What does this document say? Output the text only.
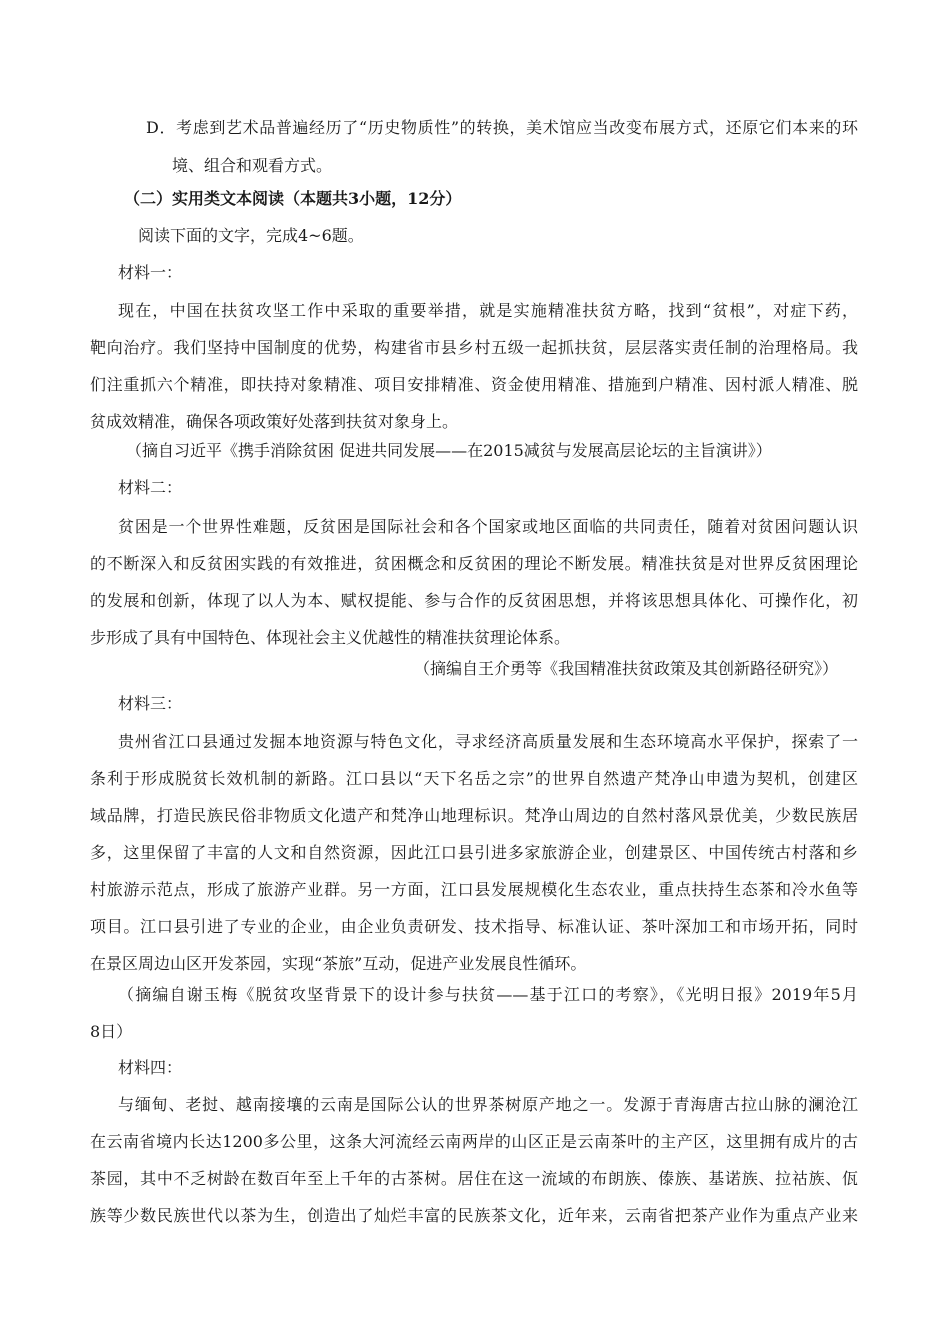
D．考虑到艺术品普遍经历了“历史物质性”的转换，美术馆应当改变布展方式，还原它们本来的环
境、组合和观看方式。
（二）实用类文本阅读（本题共3小题，12分）
阅读下面的文字，完成4~6题。
材料一：
现在，中国在扶贫攻坚工作中采取的重要举措，就是实施精准扶贫方略，找到“贫根”，对症下药，
靶向治疗。我们坚持中国制度的优势，构建省市县乡村五级一起抓扶贫，层层落实责任制的治理格局。我
们注重抓六个精准，即扶持对象精准、项目安排精准、资金使用精准、措施到户精准、因村派人精准、脱
贫成效精准，确保各项政策好处落到扶贫对象身上。
（摘自习近平《携手消除贫困 促进共同发展——在2015减贫与发展高层论坛的主旨演讲》）
材料二：
贫困是一个世界性难题，反贫困是国际社会和各个国家或地区面临的共同责任，随着对贫困问题认识
的不断深入和反贫困实践的有效推进，贫困概念和反贫困的理论不断发展。精准扶贫是对世界反贫困理论
的发展和创新，体现了以人为本、赋权提能、参与合作的反贫困思想，并将该思想具体化、可操作化，初
步形成了具有中国特色、体现社会主义优越性的精准扶贫理论体系。
（摘编自王介勇等《我国精准扶贫政策及其创新路径研究》）
材料三：
贵州省江口县通过发掘本地资源与特色文化，寻求经济高质量发展和生态环境高水平保护，探索了一
条利于形成脱贫长效机制的新路。江口县以“天下名岳之宗”的世界自然遗产梵净山申遗为契机，创建区
域品牌，打造民族民俗非物质文化遗产和梵净山地理标识。梵净山周边的自然村落风景优美，少数民族居
多，这里保留了丰富的人文和自然资源，因此江口县引进多家旅游企业，创建景区、中国传统古村落和乡
村旅游示范点，形成了旅游产业群。另一方面，江口县发展规模化生态农业，重点扶持生态茶和冷水鱼等
项目。江口县引进了专业的企业，由企业负责研发、技术指导、标准认证、茶叶深加工和市场开拓，同时
在景区周边山区开发茶园，实现“茶旅”互动，促进产业发展良性循环。
（摘编自谢玉梅《脱贫攻坚背景下的设计参与扶贫——基于江口的考察》，《光明日报》2019年5月
8日）
材料四：
与缅甸、老挝、越南接壤的云南是国际公认的世界茶树原产地之一。发源于青海唐古拉山脉的澜沧江
在云南省境内长达1200多公里，这条大河流经云南两岸的山区正是云南茶叶的主产区，这里拥有成片的古
茶园，其中不乏树龄在数百年至上千年的古茶树。居住在这一流域的布朗族、傣族、基诺族、拉祜族、佤
族等少数民族世代以茶为生，创造出了灿烂丰富的民族茶文化，近年来，云南省把茶产业作为重点产业来
